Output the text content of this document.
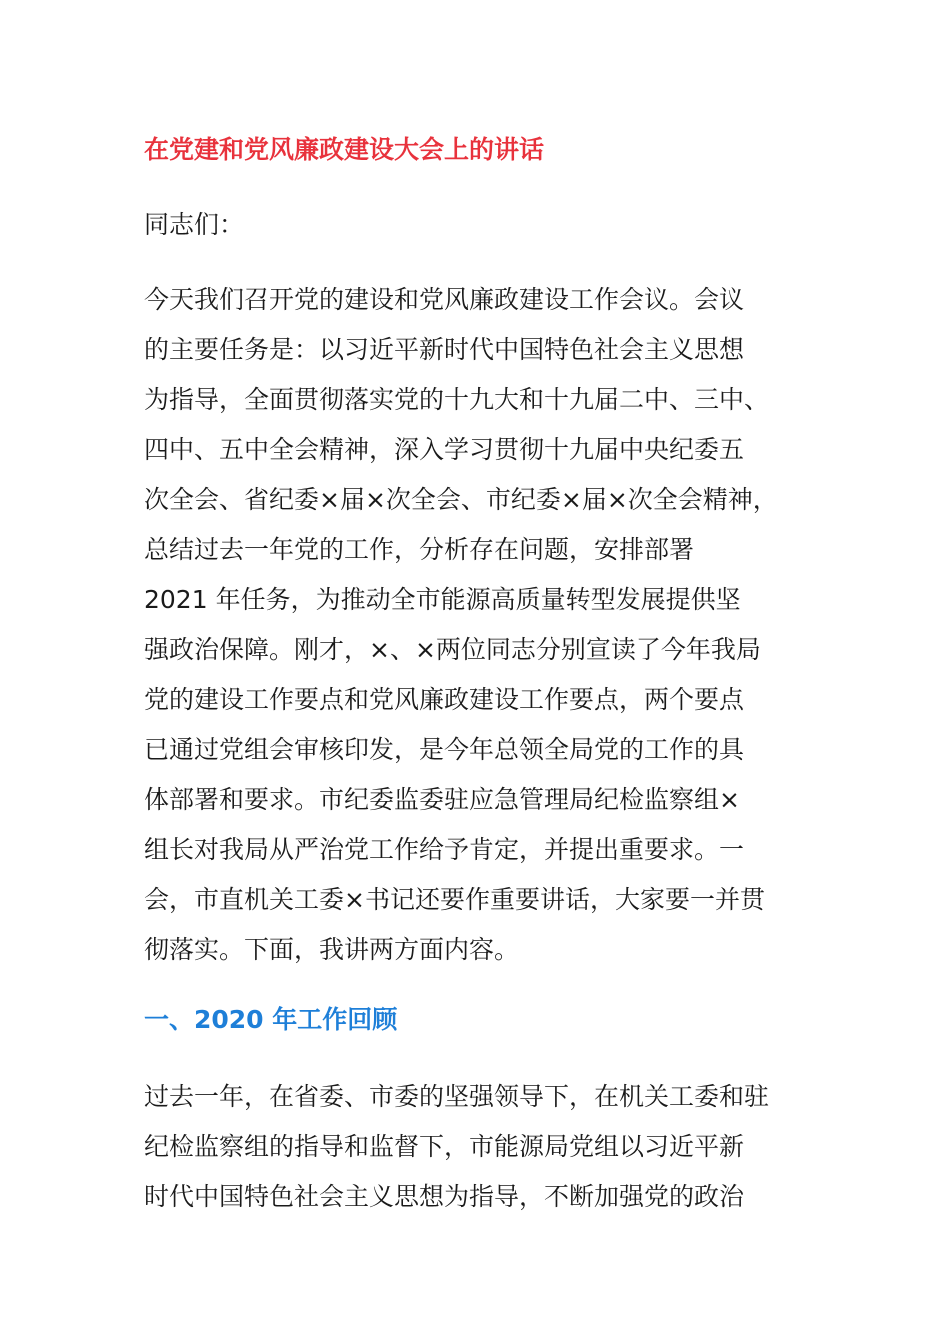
在党建和党风廉政建设大会上的讲话
同志们：
今天我们召开党的建设和党风廉政建设工作会议。会议
的主要任务是：以习近平新时代中国特色社会主义思想
为指导，全面贯彻落实党的十九大和十九届二中、三中、
四中、五中全会精神，深入学习贯彻十九届中央纪委五
次全会、省纪委×届×次全会、市纪委×届×次全会精神，
总结过去一年党的工作，分析存在问题，安排部署
2021 年任务，为推动全市能源高质量转型发展提供坚
强政治保障。刚才，×、×两位同志分别宣读了今年我局
党的建设工作要点和党风廉政建设工作要点，两个要点
已通过党组会审核印发，是今年总领全局党的工作的具
体部署和要求。市纪委监委驻应急管理局纪检监察组×
组长对我局从严治党工作给予肯定，并提出重要求。一
会，市直机关工委×书记还要作重要讲话，大家要一并贯
彻落实。下面，我讲两方面内容。
一、2020 年工作回顾
过去一年，在省委、市委的坚强领导下，在机关工委和驻
纪检监察组的指导和监督下，市能源局党组以习近平新
时代中国特色社会主义思想为指导，不断加强党的政治
